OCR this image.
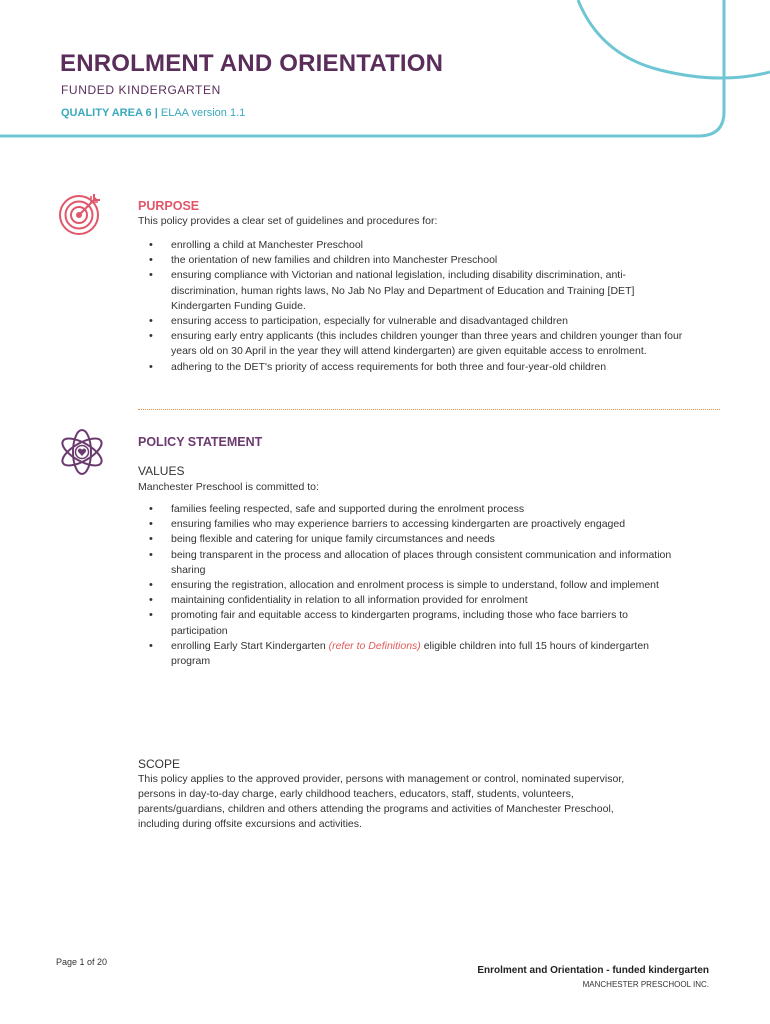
ENROLMENT AND ORIENTATION
FUNDED KINDERGARTEN
QUALITY AREA 6 | ELAA version 1.1
PURPOSE

This policy provides a clear set of guidelines and procedures for:

• enrolling a child at Manchester Preschool
• the orientation of new families and children into Manchester Preschool
• ensuring compliance with Victorian and national legislation, including disability discrimination, anti-discrimination, human rights laws, No Jab No Play and Department of Education and Training [DET] Kindergarten Funding Guide.
• ensuring access to participation, especially for vulnerable and disadvantaged children
• ensuring early entry applicants (this includes children younger than three years and children younger than four years old on 30 April in the year they will attend kindergarten) are given equitable access to enrolment.
• adhering to the DET's priority of access requirements for both three and four-year-old children
POLICY STATEMENT
VALUES

Manchester Preschool is committed to:

• families feeling respected, safe and supported during the enrolment process
• ensuring families who may experience barriers to accessing kindergarten are proactively engaged
• being flexible and catering for unique family circumstances and needs
• being transparent in the process and allocation of places through consistent communication and information sharing
• ensuring the registration, allocation and enrolment process is simple to understand, follow and implement
• maintaining confidentiality in relation to all information provided for enrolment
• promoting fair and equitable access to kindergarten programs, including those who face barriers to participation
• enrolling Early Start Kindergarten (refer to Definitions) eligible children into full 15 hours of kindergarten program
SCOPE

This policy applies to the approved provider, persons with management or control, nominated supervisor, persons in day-to-day charge, early childhood teachers, educators, staff, students, volunteers, parents/guardians, children and others attending the programs and activities of Manchester Preschool, including during offsite excursions and activities.

Page 1 of 20
Enrolment and Orientation - funded kindergarten
MANCHESTER PRESCHOOL INC.
